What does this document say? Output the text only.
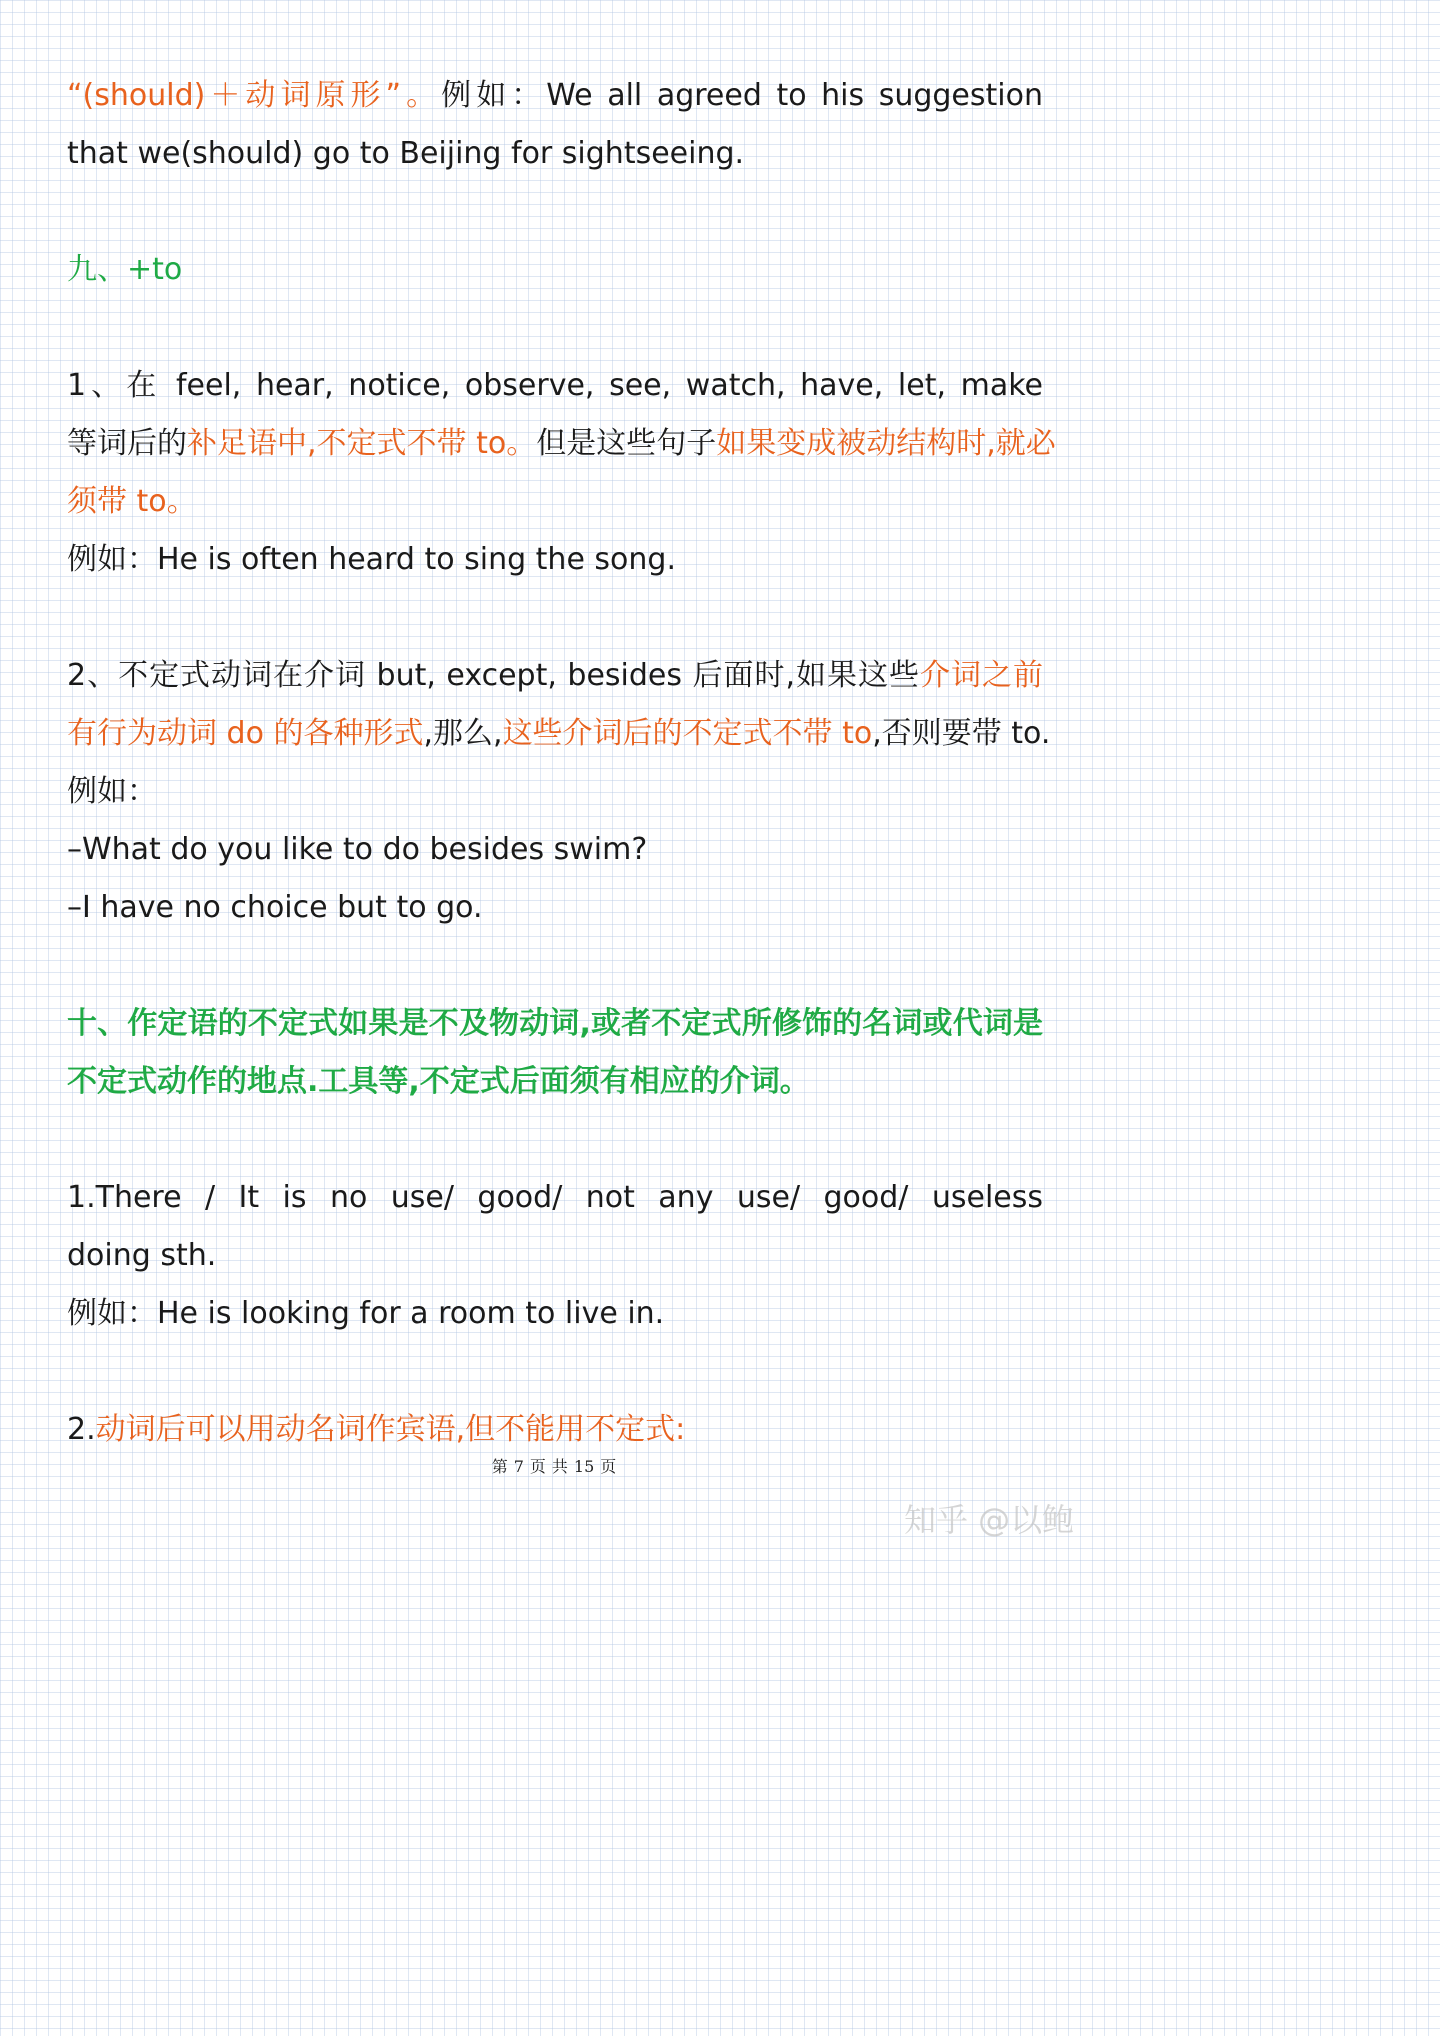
“(should)＋动词原形”。例如：We all agreed to his suggestion
that we(should) go to Beijing for sightseeing.
九、+to
1、在 feel, hear, notice, observe, see, watch, have, let, make
等词后的补足语中,不定式不带 to。但是这些句子如果变成被动结构时,就必
须带 to。
例如：He is often heard to sing the song.
2、不定式动词在介词 but, except, besides 后面时,如果这些介词之前
有行为动词 do 的各种形式,那么,这些介词后的不定式不带 to,否则要带 to.
例如：
–What do you like to do besides swim?
–I have no choice but to go.
十、作定语的不定式如果是不及物动词,或者不定式所修饰的名词或代词是
不定式动作的地点.工具等,不定式后面须有相应的介词。
1.There / It is no use/ good/ not any use/ good/ useless
doing sth.
例如：He is looking for a room to live in.
2.动词后可以用动名词作宾语,但不能用不定式:
第 7 页 共 15 页
知乎 @以鲍
